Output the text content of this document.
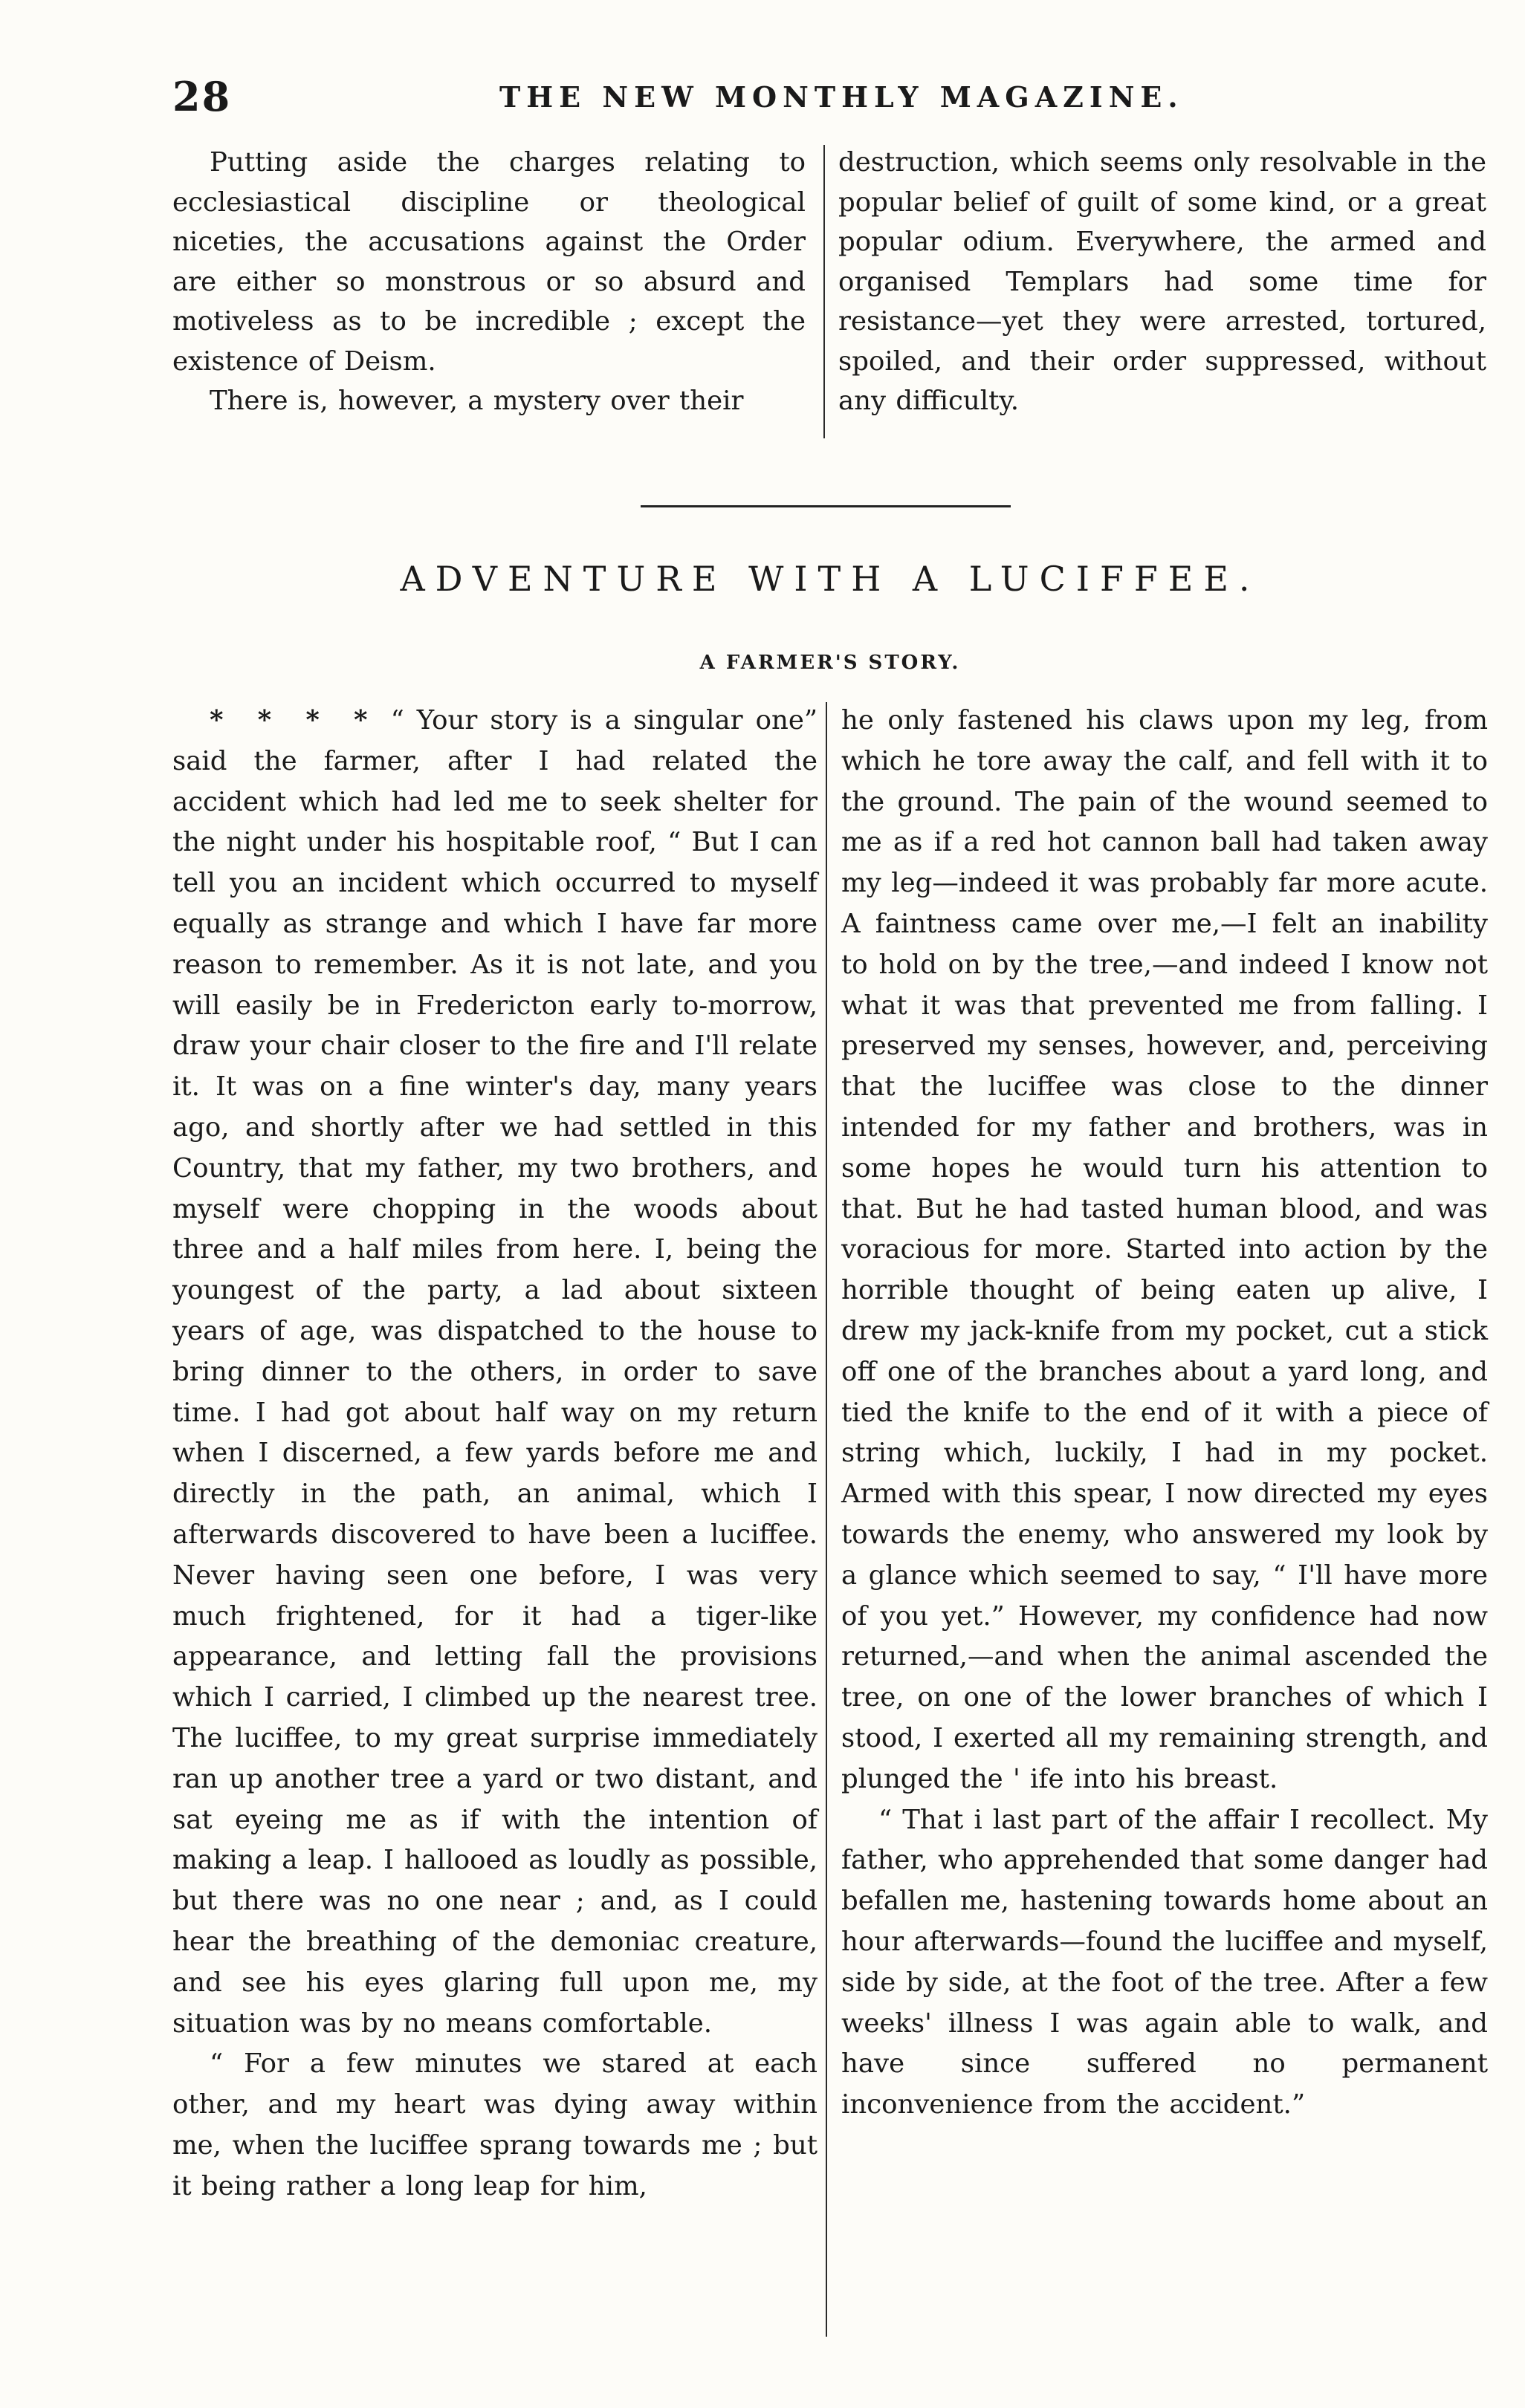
28	THE NEW MONTHLY MAGAZINE.

Putting aside the charges relating to ecclesiastical discipline or theological niceties, the accusations against the Order are either so monstrous or so absurd and motiveless as to be incredible ; except the existence of Deism.

There is, however, a mystery over their

destruction, which seems only resolvable in the popular belief of guilt of some kind, or a great popular odium. Everywhere, the armed and organised Templars had some time for resistance—yet they were arrested, tortured, spoiled, and their order suppressed, without any difficulty.

ADVENTURE WITH A LUCIFFEE.
A FARMER'S STORY.

* * * * “ Your story is a singular one” said the farmer, after I had related the accident which had led me to seek shelter for the night under his hospitable roof, “ But I can tell you an incident which occurred to myself equally as strange and which I have far more reason to remember. As it is not late, and you will easily be in Fredericton early to-morrow, draw your chair closer to the fire and I'll relate it. It was on a fine winter's day, many years ago, and shortly after we had settled in this Country, that my father, my two brothers, and myself were chopping in the woods about three and a half miles from here. I, being the youngest of the party, a lad about sixteen years of age, was dispatched to the house to bring dinner to the others, in order to save time. I had got about half way on my return when I discerned, a few yards before me and directly in the path, an animal, which I afterwards discovered to have been a luciffee. Never having seen one before, I was very much frightened, for it had a tiger-like appearance, and letting fall the provisions which I carried, I climbed up the nearest tree. The luciffee, to my great surprise immediately ran up another tree a yard or two distant, and sat eyeing me as if with the intention of making a leap. I hallooed as loudly as possible, but there was no one near ; and, as I could hear the breathing of the demoniac creature, and see his eyes glaring full upon me, my situation was by no means comfortable.

“ For a few minutes we stared at each other, and my heart was dying away within me, when the luciffee sprang towards me ; but it being rather a long leap for him,

he only fastened his claws upon my leg, from which he tore away the calf, and fell with it to the ground. The pain of the wound seemed to me as if a red hot cannon ball had taken away my leg—indeed it was probably far more acute. A faintness came over me,—I felt an inability to hold on by the tree,—and indeed I know not what it was that prevented me from falling. I preserved my senses, however, and, perceiving that the luciffee was close to the dinner intended for my father and brothers, was in some hopes he would turn his attention to that. But he had tasted human blood, and was voracious for more. Started into action by the horrible thought of being eaten up alive, I drew my jack-knife from my pocket, cut a stick off one of the branches about a yard long, and tied the knife to the end of it with a piece of string which, luckily, I had in my pocket. Armed with this spear, I now directed my eyes towards the enemy, who answered my look by a glance which seemed to say, “ I'll have more of you yet.” However, my confidence had now returned,—and when the animal ascended the tree, on one of the lower branches of which I stood, I exerted all my remaining strength, and plunged the ' ife into his breast.

“ That i last part of the affair I recollect. My father, who apprehended that some danger had befallen me, hastening towards home about an hour afterwards—found the luciffee and myself, side by side, at the foot of the tree. After a few weeks' illness I was again able to walk, and have since suffered no permanent inconvenience from the accident.”
